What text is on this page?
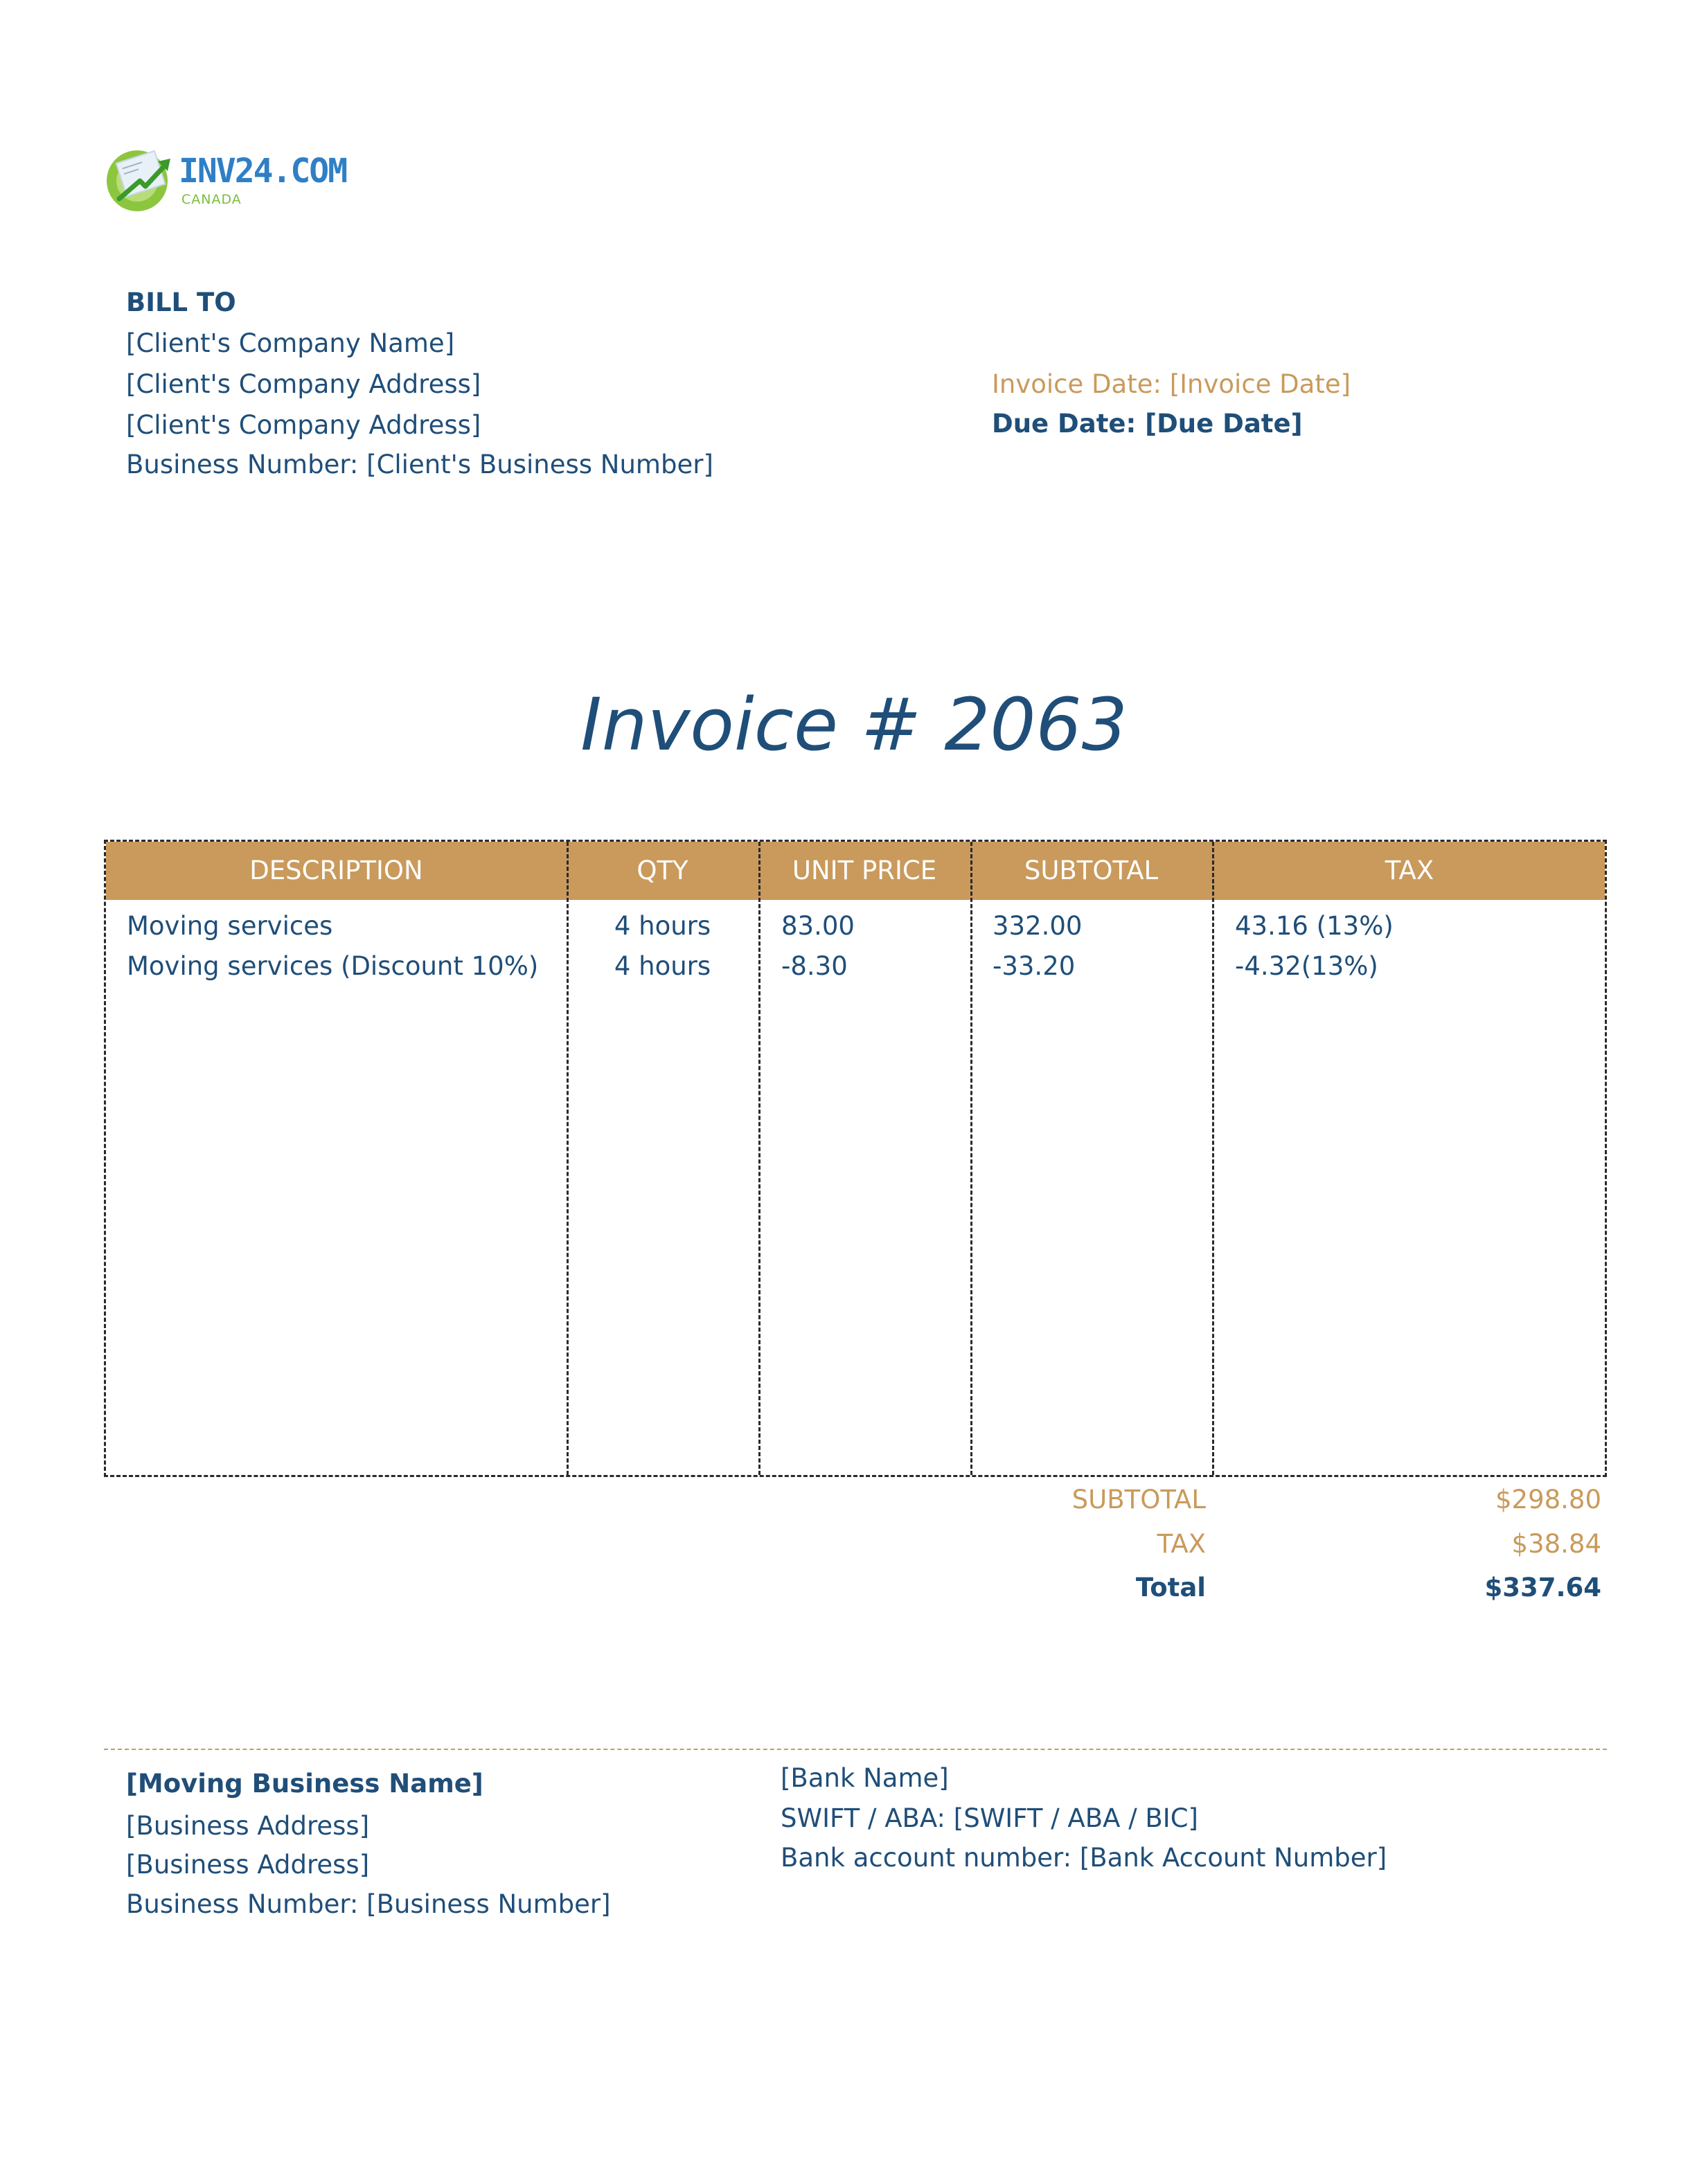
INV24.COM
CANADA
BILL TO
[Client's Company Name]
[Client's Company Address]
[Client's Company Address]
Business Number: [Client's Business Number]
Invoice Date: [Invoice Date]
Due Date: [Due Date]
Invoice # 2063
DESCRIPTION	QTY	UNIT PRICE	SUBTOTAL	TAX
Moving services	4 hours	83.00	332.00	43.16 (13%)
Moving services (Discount 10%)	4 hours	-8.30	-33.20	-4.32(13%)
SUBTOTAL	$298.80
TAX	$38.84
Total	$337.64
[Moving Business Name]
[Business Address]
[Business Address]
Business Number: [Business Number]
[Bank Name]
SWIFT / ABA: [SWIFT / ABA / BIC]
Bank account number: [Bank Account Number]
